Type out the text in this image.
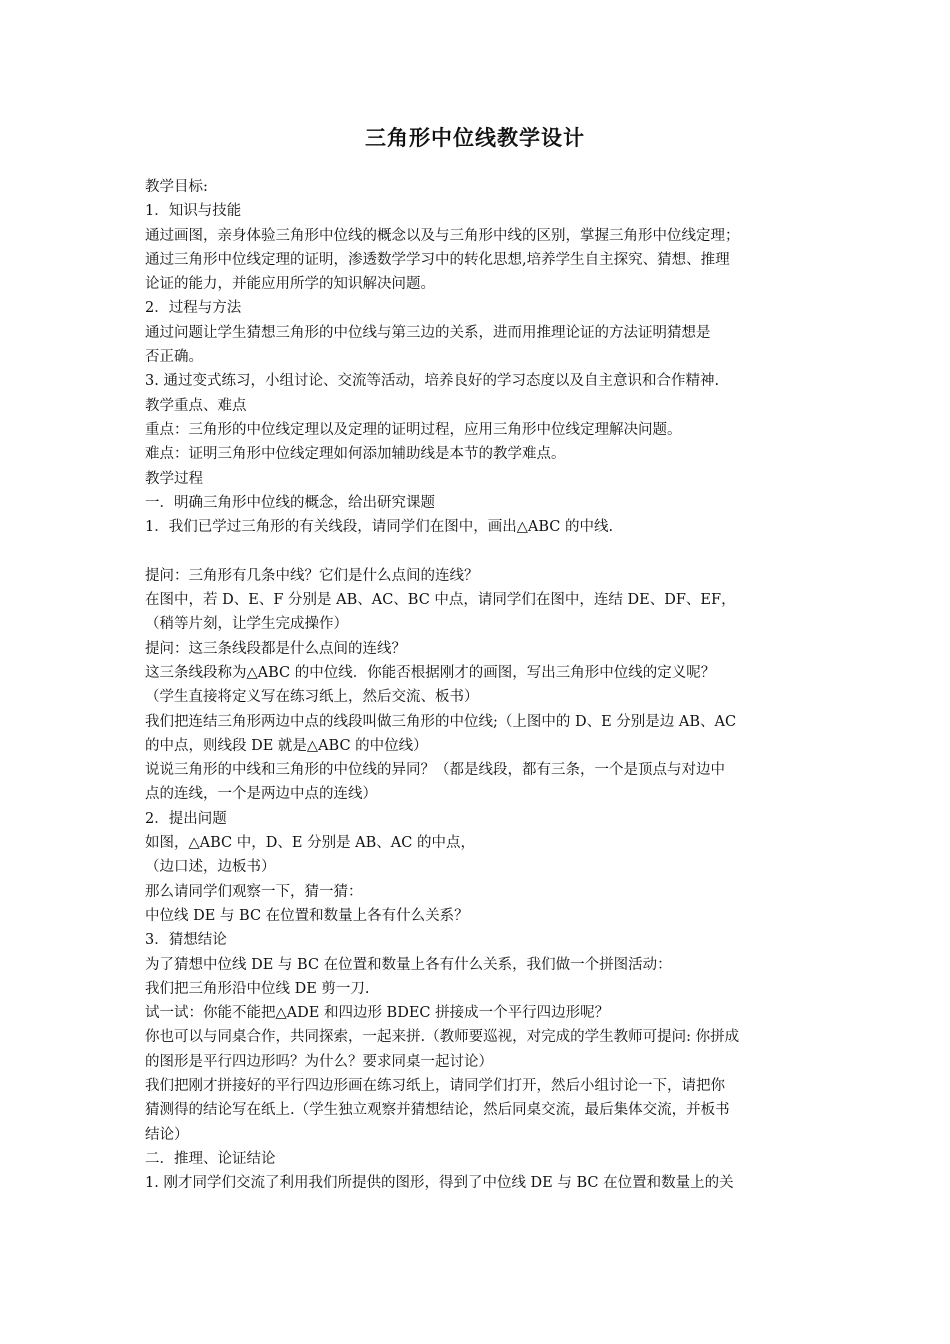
三角形中位线教学设计
教学目标:
1．知识与技能
通过画图，亲身体验三角形中位线的概念以及与三角形中线的区别，掌握三角形中位线定理；
通过三角形中位线定理的证明，渗透数学学习中的转化思想,培养学生自主探究、猜想、推理
论证的能力，并能应用所学的知识解决问题。
2．过程与方法
通过问题让学生猜想三角形的中位线与第三边的关系，进而用推理论证的方法证明猜想是
否正确。
3. 通过变式练习，小组讨论、交流等活动，培养良好的学习态度以及自主意识和合作精神.
教学重点、难点
重点：三角形的中位线定理以及定理的证明过程，应用三角形中位线定理解决问题。
难点：证明三角形中位线定理如何添加辅助线是本节的教学难点。
教学过程
一．明确三角形中位线的概念，给出研究课题
1．我们已学过三角形的有关线段，请同学们在图中，画出△ABC 的中线.
提问：三角形有几条中线？它们是什么点间的连线？
在图中，若 D、E、F 分别是 AB、AC、BC 中点，请同学们在图中，连结 DE、DF、EF，
（稍等片刻，让学生完成操作）
提问：这三条线段都是什么点间的连线？
这三条线段称为△ABC 的中位线．你能否根据刚才的画图，写出三角形中位线的定义呢？
（学生直接将定义写在练习纸上，然后交流、板书）
我们把连结三角形两边中点的线段叫做三角形的中位线;（上图中的 D、E 分别是边 AB、AC
的中点，则线段 DE 就是△ABC 的中位线）
说说三角形的中线和三角形的中位线的异同？（都是线段，都有三条，一个是顶点与对边中
点的连线，一个是两边中点的连线）
2．提出问题
如图，△ABC 中，D、E 分别是 AB、AC 的中点，
（边口述，边板书）
那么请同学们观察一下，猜一猜：
中位线 DE 与 BC 在位置和数量上各有什么关系？
3．猜想结论
为了猜想中位线 DE 与 BC 在位置和数量上各有什么关系，我们做一个拼图活动：
我们把三角形沿中位线 DE 剪一刀.
试一试：你能不能把△ADE 和四边形 BDEC 拼接成一个平行四边形呢？
你也可以与同桌合作，共同探索，一起来拼.（教师要巡视，对完成的学生教师可提问: 你拼成
的图形是平行四边形吗？为什么？要求同桌一起讨论）
我们把刚才拼接好的平行四边形画在练习纸上，请同学们打开，然后小组讨论一下，请把你
猜测得的结论写在纸上.（学生独立观察并猜想结论，然后同桌交流，最后集体交流，并板书
结论）
二．推理、论证结论
1. 刚才同学们交流了利用我们所提供的图形，得到了中位线 DE 与 BC 在位置和数量上的关
